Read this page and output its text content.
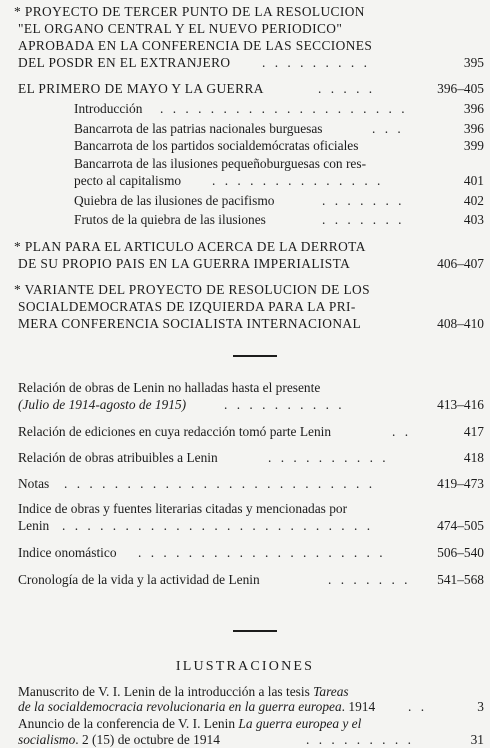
* PROYECTO DE TERCER PUNTO DE LA RESOLUCION
"EL ORGANO CENTRAL Y EL NUEVO PERIODICO"
APROBADA EN LA CONFERENCIA DE LAS SECCIONES
DEL POSDR EN EL EXTRANJERO . . . . . . . . .	395
EL PRIMERO DE MAYO Y LA GUERRA	. . . . .	396–405
Introducción . . . . . . . . . . . . . . . . . . . .	396
Bancarrota de las patrias nacionales burguesas	. . .	396
Bancarrota de los partidos socialdemócratas oficiales	399
Bancarrota de las ilusiones pequeñoburguesas con res-
pecto al capitalismo . . . . . . . . . . . . . .	401
Quiebra de las ilusiones de pacifismo	. . . . . . .	402
Frutos de la quiebra de las ilusiones	. . . . . . .	403
* PLAN PARA EL ARTICULO ACERCA DE LA DERROTA
DE SU PROPIO PAIS EN LA GUERRA IMPERIALISTA	406–407
* VARIANTE DEL PROYECTO DE RESOLUCION DE LOS
SOCIALDEMOCRATAS DE IZQUIERDA PARA LA PRI-
MERA CONFERENCIA SOCIALISTA INTERNACIONAL	408–410
Relación de obras de Lenin no halladas hasta el presente
(Julio de 1914-agosto de 1915)	. . . . . . . . . .	413–416
Relación de ediciones en cuya redacción tomó parte Lenin	. .	417
Relación de obras atribuibles a Lenin	. . . . . . . . . .	418
Notas . . . . . . . . . . . . . . . . . . . . . . . . .	419–473
Indice de obras y fuentes literarias citadas y mencionadas por
Lenin . . . . . . . . . . . . . . . . . . . . . . . . .	474–505
Indice onomástico . . . . . . . . . . . . . . . . . . . .	506–540
Cronología de la vida y la actividad de Lenin	. . . . . . . 541–568
ILUSTRACIONES
Manuscrito de V. I. Lenin de la introducción a las tesis Tareas
de la socialdemocracia revolucionaria en la guerra europea. 1914 . .	3
Anuncio de la conferencia de V. I. Lenin La guerra europea y el
socialismo. 2 (15) de octubre de 1914	. . . . . . . . .	31
